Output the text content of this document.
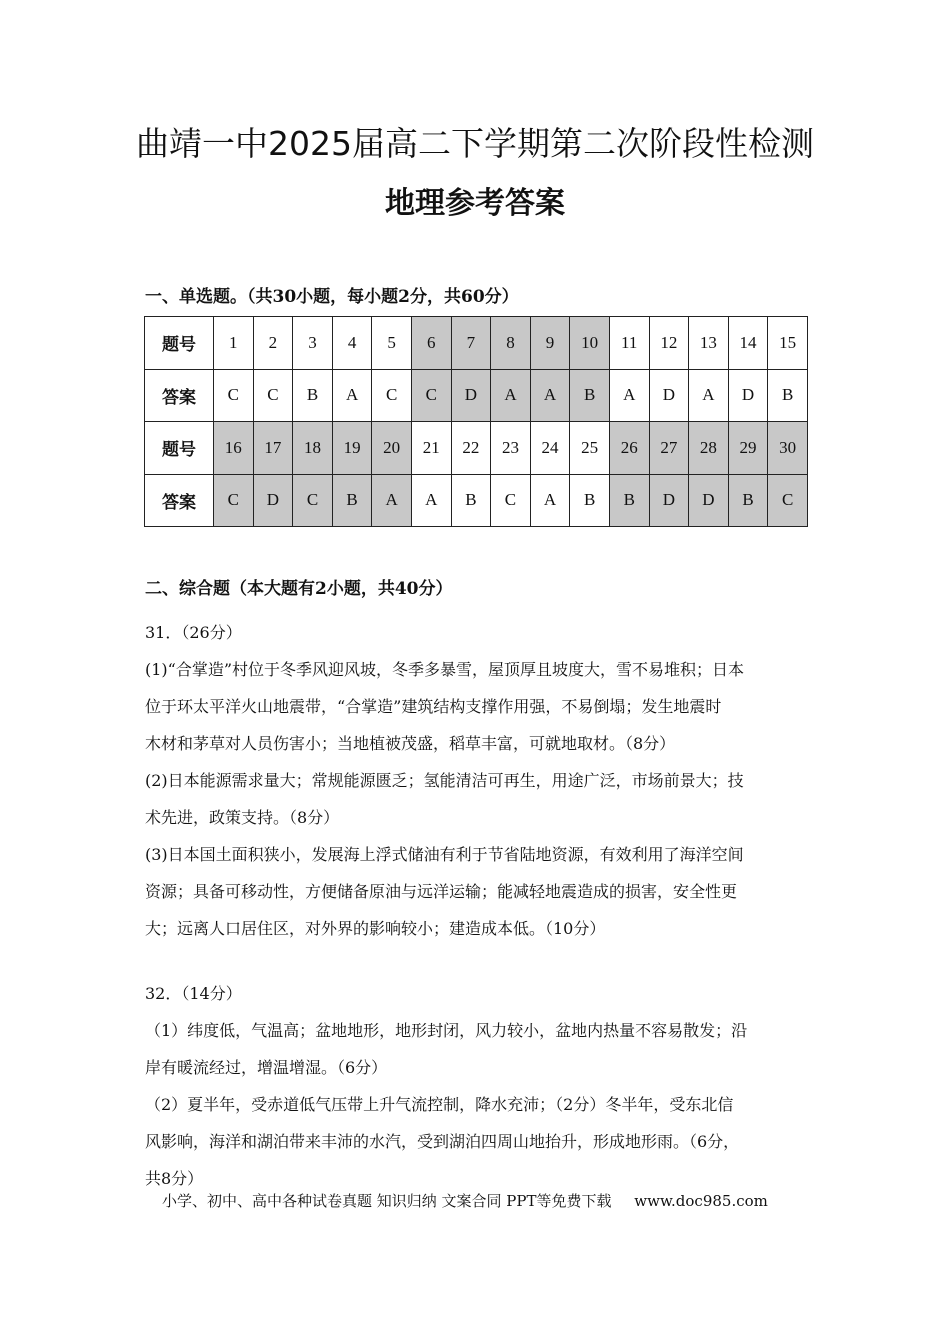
曲靖一中2025届高二下学期第二次阶段性检测
地理参考答案
一、单选题。（共30小题，每小题2分，共60分）
题号	1	2	3	4	5	6	7	8	9	10	11	12	13	14	15
答案	C	C	B	A	C	C	D	A	A	B	A	D	A	D	B
题号	16	17	18	19	20	21	22	23	24	25	26	27	28	29	30
答案	C	D	C	B	A	A	B	C	A	B	B	D	D	B	C
二、综合题（本大题有2小题，共40分）

31．（26分）

(1)“合掌造”村位于冬季风迎风坡，冬季多暴雪，屋顶厚且坡度大，雪不易堆积；日本

位于环太平洋火山地震带，“合掌造”建筑结构支撑作用强，不易倒塌；发生地震时

木材和茅草对人员伤害小；当地植被茂盛，稻草丰富，可就地取材。（8分）

(2)日本能源需求量大；常规能源匮乏；氢能清洁可再生，用途广泛，市场前景大；技

术先进，政策支持。（8分）

(3)日本国土面积狭小，发展海上浮式储油有利于节省陆地资源，有效利用了海洋空间

资源；具备可移动性，方便储备原油与远洋运输；能减轻地震造成的损害，安全性更

大；远离人口居住区，对外界的影响较小；建造成本低。（10分）

32．（14分）

（1）纬度低，气温高；盆地地形，地形封闭，风力较小，盆地内热量不容易散发；沿

岸有暖流经过，增温增湿。（6分）

（2）夏半年，受赤道低气压带上升气流控制，降水充沛；（2分）冬半年，受东北信

风影响，海洋和湖泊带来丰沛的水汽，受到湖泊四周山地抬升，形成地形雨。（6分，

共8分）

小学、初中、高中各种试卷真题 知识归纳 文案合同 PPT等免费下载 www.doc985.com
